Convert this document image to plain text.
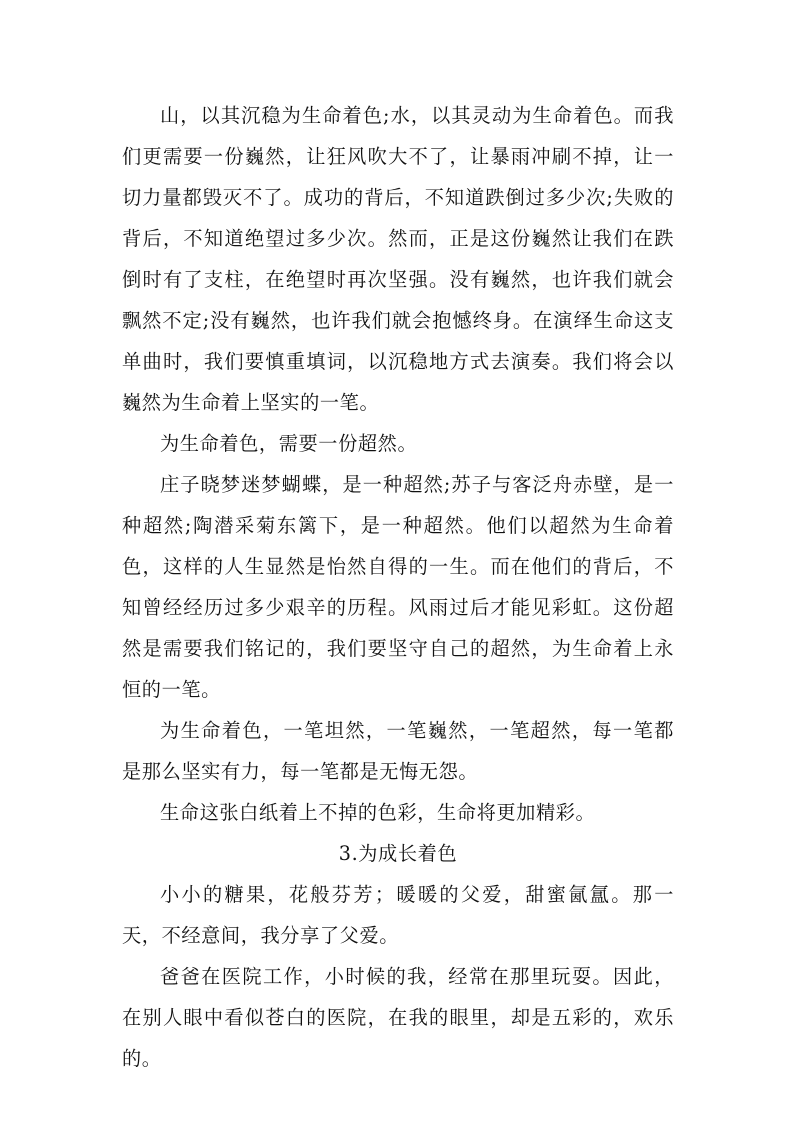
山，以其沉稳为生命着色;水，以其灵动为生命着色。而我们更需要一份巍然，让狂风吹大不了，让暴雨冲刷不掉，让一切力量都毁灭不了。成功的背后，不知道跌倒过多少次;失败的背后，不知道绝望过多少次。然而，正是这份巍然让我们在跌倒时有了支柱，在绝望时再次坚强。没有巍然，也许我们就会飘然不定;没有巍然，也许我们就会抱憾终身。在演绎生命这支单曲时，我们要慎重填词，以沉稳地方式去演奏。我们将会以巍然为生命着上坚实的一笔。

为生命着色，需要一份超然。

庄子晓梦迷梦蝴蝶，是一种超然;苏子与客泛舟赤壁，是一种超然;陶潜采菊东篱下，是一种超然。他们以超然为生命着色，这样的人生显然是怡然自得的一生。而在他们的背后，不知曾经经历过多少艰辛的历程。风雨过后才能见彩虹。这份超然是需要我们铭记的，我们要坚守自己的超然，为生命着上永恒的一笔。

为生命着色，一笔坦然，一笔巍然，一笔超然，每一笔都是那么坚实有力，每一笔都是无悔无怨。

生命这张白纸着上不掉的色彩，生命将更加精彩。

3.为成长着色

小小的糖果，花般芬芳；暖暖的父爱，甜蜜氤氲。那一天，不经意间，我分享了父爱。

爸爸在医院工作，小时候的我，经常在那里玩耍。因此，在别人眼中看似苍白的医院，在我的眼里，却是五彩的，欢乐的。
